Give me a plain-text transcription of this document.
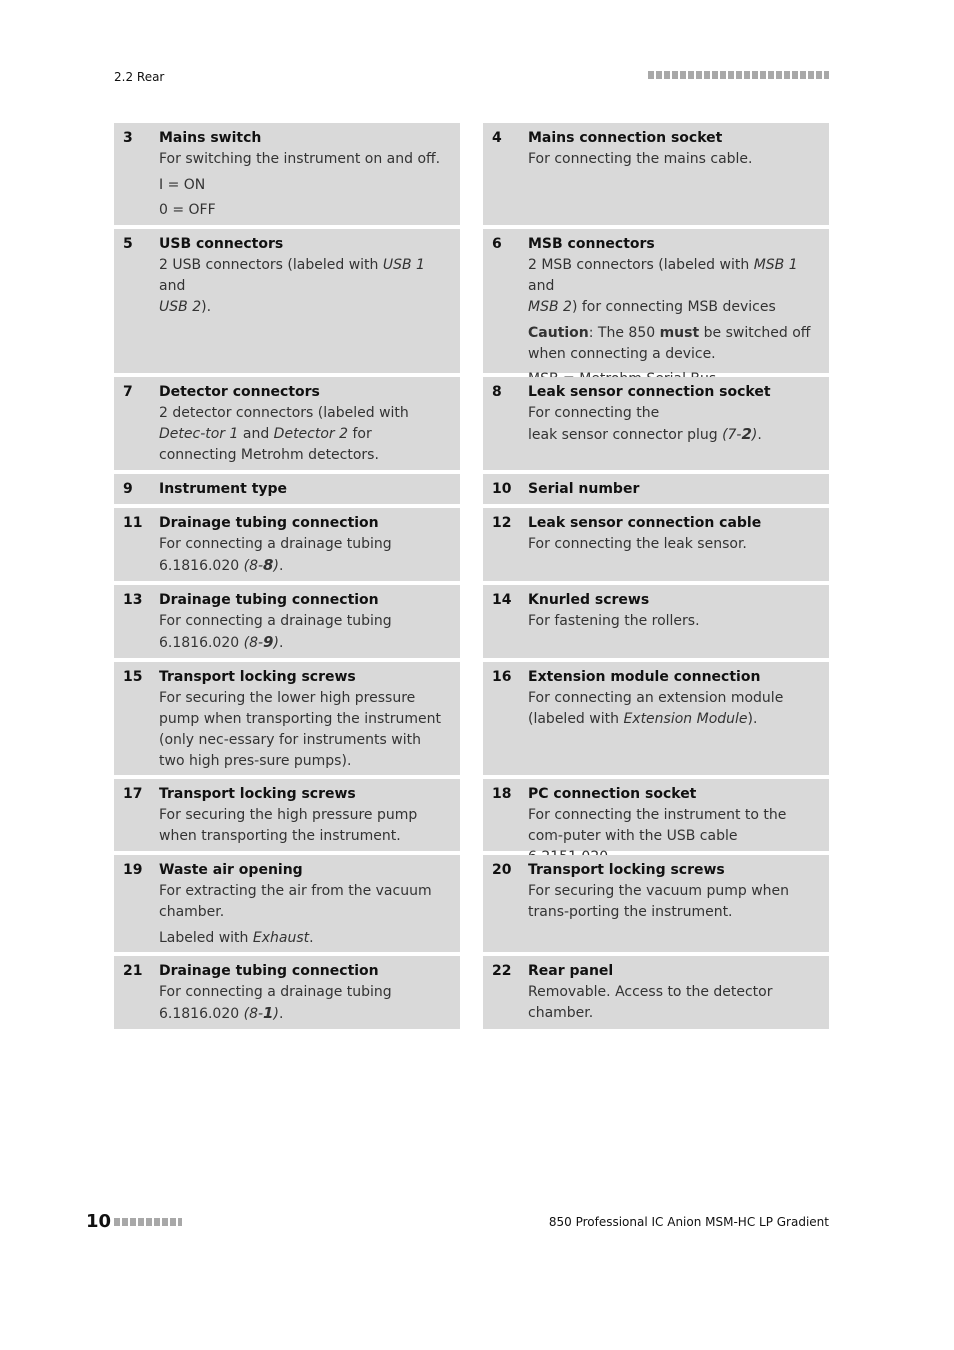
2.2 Rear
3 Mains switch
For switching the instrument on and off.
I = ON
0 = OFF
4 Mains connection socket
For connecting the mains cable.
5 USB connectors
2 USB connectors (labeled with USB 1 and
USB 2).
6 MSB connectors
2 MSB connectors (labeled with MSB 1 and
MSB 2) for connecting MSB devices
Caution: The 850 must be switched off when connecting a device.
7 Detector connectors
2 detector connectors (labeled with Detec-tor 1 and Detector 2 for connecting Metrohm detectors.
8 Leak sensor connection socket
For connecting the
leak sensor connector plug (7-2).
9 Instrument type	10 Serial number
11 Drainage tubing connection
For connecting a drainage tubing
6.1816.020 (8-8).
12 Leak sensor connection cable
For connecting the leak sensor.
13 Drainage tubing connection
For connecting a drainage tubing
6.1816.020 (8-9).
14 Knurled screws
For fastening the rollers.
15 Transport locking screws
For securing the lower high pressure pump when transporting the instrument (only nec-essary for instruments with two high pres-sure pumps).
16 Extension module connection
For connecting an extension module
(labeled with Extension Module).
17 Transport locking screws
For securing the high pressure pump when transporting the instrument.
18 PC connection socket
For connecting the instrument to the com-puter with the USB cable
19 Waste air opening
For extracting the air from the vacuum chamber.
Labeled with Exhaust.
20 Transport locking screws
For securing the vacuum pump when trans-porting the instrument.
21 Drainage tubing connection
For connecting a drainage tubing
6.1816.020 (8-1).
22 Rear panel
Removable. Access to the detector chamber.
10	850 Professional IC Anion MSM-HC LP Gradient
